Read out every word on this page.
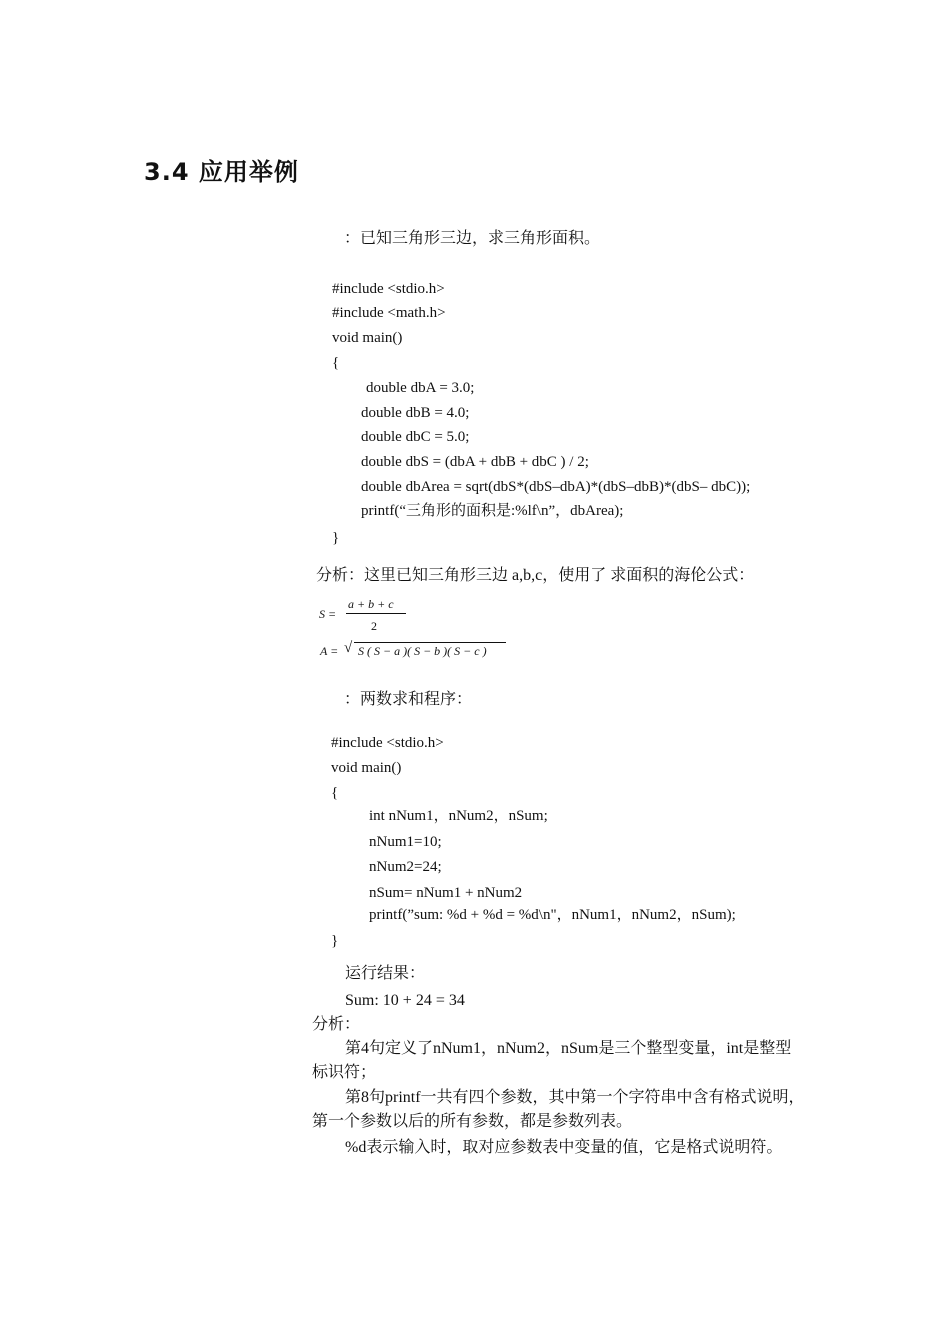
3.4 应用举例
：已知三角形三边，求三角形面积。
#include <stdio.h>
#include <math.h>
void main()
{
double dbA = 3.0;
double dbB = 4.0;
double dbC = 5.0;
double dbS = (dbA + dbB + dbC ) / 2;
double dbArea = sqrt(dbS*(dbS–dbA)*(dbS–dbB)*(dbS– dbC));
printf(“三角形的面积是:%lf\n”，dbArea);
}
分析：这里已知三角形三边 a,b,c，使用了 求面积的海伦公式：
S =
a + b + c
2
A = √ S ( S − a )( S − b )( S − c )
：两数求和程序：
#include <stdio.h>
void main()
{
int nNum1，nNum2，nSum;
nNum1=10;
nNum2=24;
nSum= nNum1 + nNum2
printf(”sum: %d + %d = %d\n"，nNum1，nNum2，nSum);
}
运行结果：
Sum: 10 + 24 = 34
分析：
第4句定义了nNum1，nNum2，nSum是三个整型变量，int是整型
标识符；
第8句printf一共有四个参数，其中第一个字符串中含有格式说明，
第一个参数以后的所有参数，都是参数列表。
%d表示输入时，取对应参数表中变量的值，它是格式说明符。
